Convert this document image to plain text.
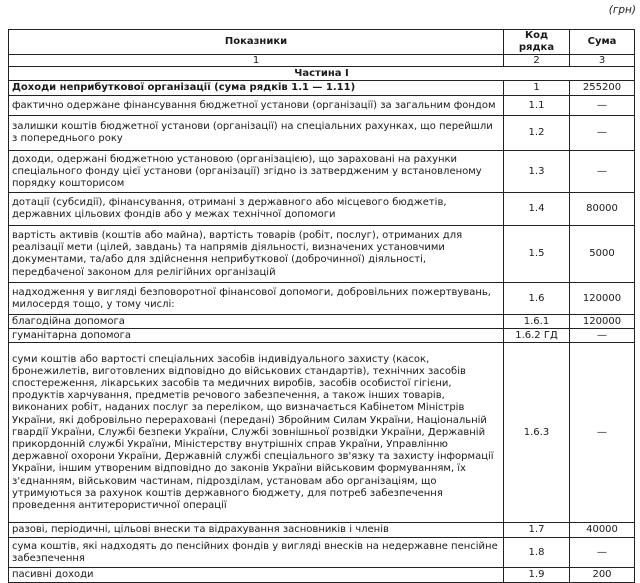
(грн)
Показники	Код рядка	Сума
1	2	3
Частина І		
Доходи неприбуткової організації (сума рядків 1.1 — 1.11)	1	255200
фактично одержане фінансування бюджетної установи (організації) за загальним фондом	1.1	—
залишки коштів бюджетної установи (організації) на спеціальних рахунках, що перейшли з попереднього року	1.2	—
доходи, одержані бюджетною установою (організацією), що зараховані на рахунки спеціального фонду цієї установи (організації) згідно із затвердженим у встановленому порядку кошторисом	1.3	—
дотації (субсидії), фінансування, отримані з державного або місцевого бюджетів, державних цільових фондів або у межах технічної допомоги	1.4	80000
вартість активів (коштів або майна), вартість товарів (робіт, послуг), отриманих для реалізації мети (цілей, завдань) та напрямів діяльності, визначених установчими документами, та/або для здійснення неприбуткової (доброчинної) діяльності, передбаченої законом для релігійних організацій	1.5	5000
надходження у вигляді безповоротної фінансової допомоги, добровільних пожертвувань, милосердя тощо, у тому числі:	1.6	120000
благодійна допомога	1.6.1	120000
гуманітарна допомога	1.6.2 ГД	—
суми коштів або вартості спеціальних засобів індивідуального захисту (касок, бронежилетів, виготовлених відповідно до військових стандартів), технічних засобів спостереження, лікарських засобів та медичних виробів, засобів особистої гігієни, продуктів харчування, предметів речового забезпечення, а також інших товарів, виконаних робіт, наданих послуг за переліком, що визначається Кабінетом Міністрів України, які добровільно перераховані (передані) Збройним Силам України, Національній гвардії України, Службі безпеки України, Службі зовнішньої розвідки України, Державній прикордонній службі України, Міністерству внутрішніх справ України, Управлінню державної охорони України, Державній службі спеціального зв'язку та захисту інформації України, іншим утвореним відповідно до законів України військовим формуванням, їх з'єднанням, військовим частинам, підрозділам, установам або організаціям, що утримуються за рахунок коштів державного бюджету, для потреб забезпечення проведення антитерористичної операції	1.6.3	—
разові, періодичні, цільові внески та відрахування засновників і членів	1.7	40000
сума коштів, які надходять до пенсійних фондів у вигляді внесків на недержавне пенсійне забезпечення	1.8	—
пасивні доходи	1.9	200
